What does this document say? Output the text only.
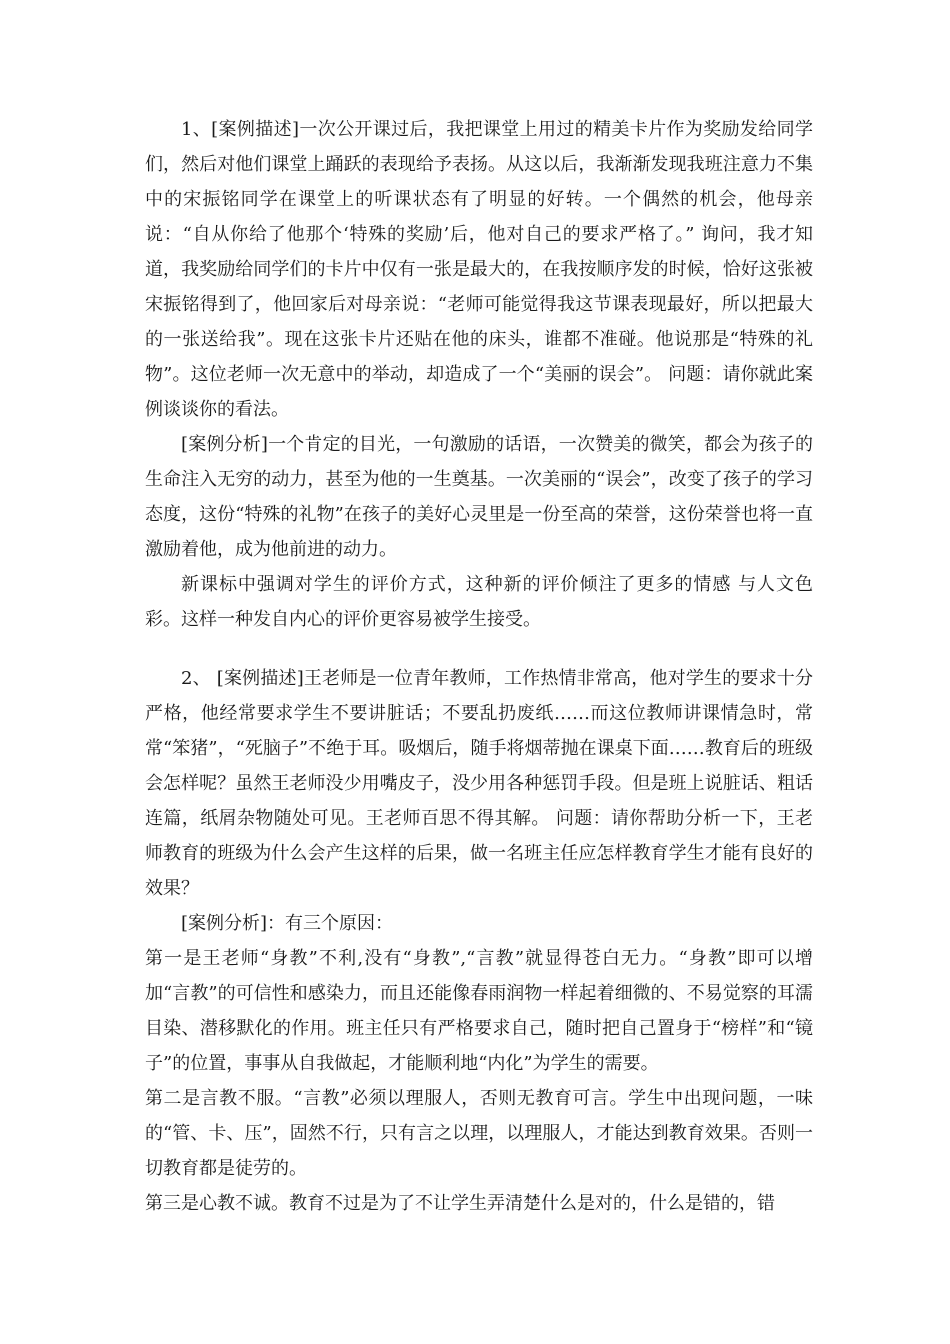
1、[案例描述]一次公开课过后，我把课堂上用过的精美卡片作为奖励发给同学们，然后对他们课堂上踊跃的表现给予表扬。从这以后，我渐渐发现我班注意力不集中的宋振铭同学在课堂上的听课状态有了明显的好转。一个偶然的机会，他母亲说：“自从你给了他那个‘特殊的奖励’后，他对自己的要求严格了。” 询问，我才知道，我奖励给同学们的卡片中仅有一张是最大的，在我按顺序发的时候，恰好这张被宋振铭得到了，他回家后对母亲说：“老师可能觉得我这节课表现最好，所以把最大的一张送给我”。现在这张卡片还贴在他的床头，谁都不准碰。他说那是“特殊的礼物”。这位老师一次无意中的举动，却造成了一个“美丽的误会”。 问题：请你就此案例谈谈你的看法。

[案例分析]一个肯定的目光，一句激励的话语，一次赞美的微笑，都会为孩子的生命注入无穷的动力，甚至为他的一生奠基。一次美丽的“误会”，改变了孩子的学习态度，这份“特殊的礼物”在孩子的美好心灵里是一份至高的荣誉，这份荣誉也将一直激励着他，成为他前进的动力。

新课标中强调对学生的评价方式，这种新的评价倾注了更多的情感 与人文色彩。这样一种发自内心的评价更容易被学生接受。

2、 [案例描述]王老师是一位青年教师，工作热情非常高，他对学生的要求十分严格，他经常要求学生不要讲脏话；不要乱扔废纸……而这位教师讲课情急时，常常“笨猪”，“死脑子”不绝于耳。吸烟后，随手将烟蒂抛在课桌下面……教育后的班级会怎样呢？虽然王老师没少用嘴皮子，没少用各种惩罚手段。但是班上说脏话、粗话连篇，纸屑杂物随处可见。王老师百思不得其解。 问题：请你帮助分析一下，王老师教育的班级为什么会产生这样的后果，做一名班主任应怎样教育学生才能有良好的效果？

[案例分析]：有三个原因：

第一是王老师“身教”不利,没有“身教”,“言教”就显得苍白无力。“身教”即可以增加“言教”的可信性和感染力，而且还能像春雨润物一样起着细微的、不易觉察的耳濡目染、潜移默化的作用。班主任只有严格要求自己，随时把自己置身于“榜样”和“镜子”的位置，事事从自我做起，才能顺利地“内化”为学生的需要。

第二是言教不服。“言教”必须以理服人，否则无教育可言。学生中出现问题，一味的“管、卡、压”，固然不行，只有言之以理，以理服人，才能达到教育效果。否则一切教育都是徒劳的。

第三是心教不诚。教育不过是为了不让学生弄清楚什么是对的，什么是错的，错
